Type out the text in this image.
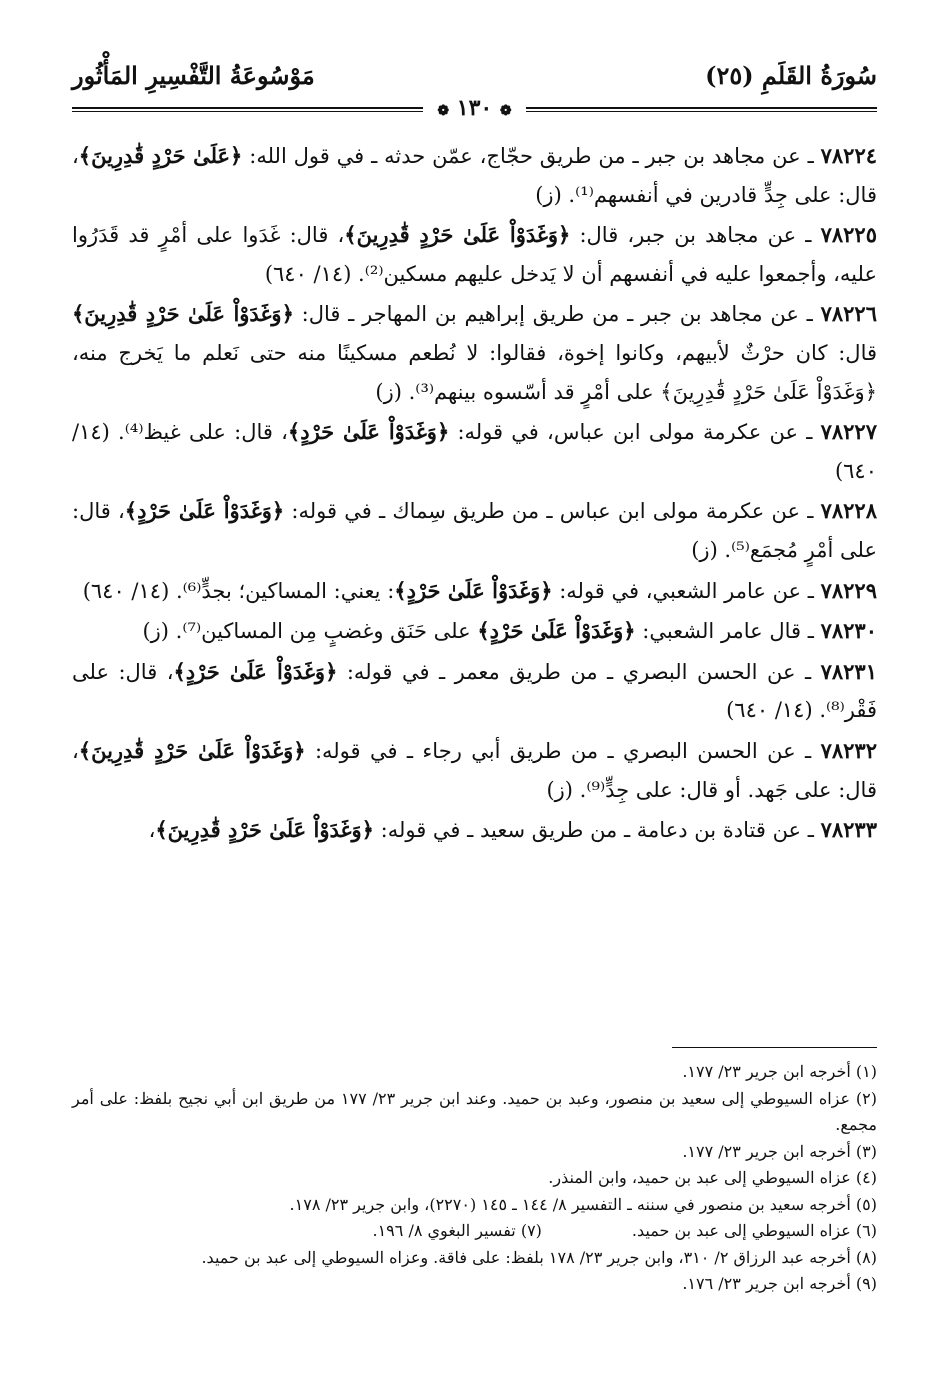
سُورَةُ القَلَمِ (٢٥)
مَوْسُوعَةُ التَّفْسِيرِ المَأْثُور
❁ ١٣٠ ❁

٧٨٢٢٤ ـ عن مجاهد بن جبر ـ من طريق حجّاج، عمّن حدثه ـ في قول الله: ﴿عَلَىٰ حَرْدٍ قَٰدِرِينَ﴾، قال: على جِدٍّ قادرين في أنفسهم⁽¹⁾. (ز)

٧٨٢٢٥ ـ عن مجاهد بن جبر، قال: ﴿وَغَدَوْاْ عَلَىٰ حَرْدٍ قَٰدِرِينَ﴾، قال: غَدَوا على أمْرٍ قد قَدَرُوا عليه، وأجمعوا عليه في أنفسهم أن لا يَدخل عليهم مسكين⁽²⁾. (١٤/ ٦٤٠)

٧٨٢٢٦ ـ عن مجاهد بن جبر ـ من طريق إبراهيم بن المهاجر ـ قال: ﴿وَغَدَوْاْ عَلَىٰ حَرْدٍ قَٰدِرِينَ﴾ قال: كان حرْثٌ لأبيهم، وكانوا إخوة، فقالوا: لا نُطعم مسكينًا منه حتى نَعلم ما يَخرج منه، ﴿وَغَدَوْاْ عَلَىٰ حَرْدٍ قَٰدِرِينَ﴾ على أمْرٍ قد أسّسوه بينهم⁽³⁾. (ز)

٧٨٢٢٧ ـ عن عكرمة مولى ابن عباس، في قوله: ﴿وَغَدَوْاْ عَلَىٰ حَرْدٍ﴾، قال: على غيظ⁽⁴⁾. (١٤/ ٦٤٠)

٧٨٢٢٨ ـ عن عكرمة مولى ابن عباس ـ من طريق سِماك ـ في قوله: ﴿وَغَدَوْاْ عَلَىٰ حَرْدٍ﴾، قال: على أمْرٍ مُجمَع⁽⁵⁾. (ز)

٧٨٢٢٩ ـ عن عامر الشعبي، في قوله: ﴿وَغَدَوْاْ عَلَىٰ حَرْدٍ﴾: يعني: المساكين؛ بجدٍّ⁽⁶⁾. (١٤/ ٦٤٠)

٧٨٢٣٠ ـ قال عامر الشعبي: ﴿وَغَدَوْاْ عَلَىٰ حَرْدٍ﴾ على حَنَق وغضبٍ مِن المساكين⁽⁷⁾. (ز)

٧٨٢٣١ ـ عن الحسن البصري ـ من طريق معمر ـ في قوله: ﴿وَغَدَوْاْ عَلَىٰ حَرْدٍ﴾، قال: على فَقْر⁽⁸⁾. (١٤/ ٦٤٠)

٧٨٢٣٢ ـ عن الحسن البصري ـ من طريق أبي رجاء ـ في قوله: ﴿وَغَدَوْاْ عَلَىٰ حَرْدٍ قَٰدِرِينَ﴾، قال: على جَهد. أو قال: على جِدٍّ⁽⁹⁾. (ز)

٧٨٢٣٣ ـ عن قتادة بن دعامة ـ من طريق سعيد ـ في قوله: ﴿وَغَدَوْاْ عَلَىٰ حَرْدٍ قَٰدِرِينَ﴾،

(١) أخرجه ابن جرير ٢٣/ ١٧٧.
(٢) عزاه السيوطي إلى سعيد بن منصور، وعبد بن حميد. وعند ابن جرير ٢٣/ ١٧٧ من طريق ابن أبي نجيح بلفظ: على أمر مجمع.
(٣) أخرجه ابن جرير ٢٣/ ١٧٧.
(٤) عزاه السيوطي إلى عبد بن حميد، وابن المنذر.
(٥) أخرجه سعيد بن منصور في سننه ـ التفسير ٨/ ١٤٤ ـ ١٤٥ (٢٢٧٠)، وابن جرير ٢٣/ ١٧٨.
(٦) عزاه السيوطي إلى عبد بن حميد.
(٧) تفسير البغوي ٨/ ١٩٦.
(٨) أخرجه عبد الرزاق ٢/ ٣١٠، وابن جرير ٢٣/ ١٧٨ بلفظ: على فاقة. وعزاه السيوطي إلى عبد بن حميد.
(٩) أخرجه ابن جرير ٢٣/ ١٧٦.
